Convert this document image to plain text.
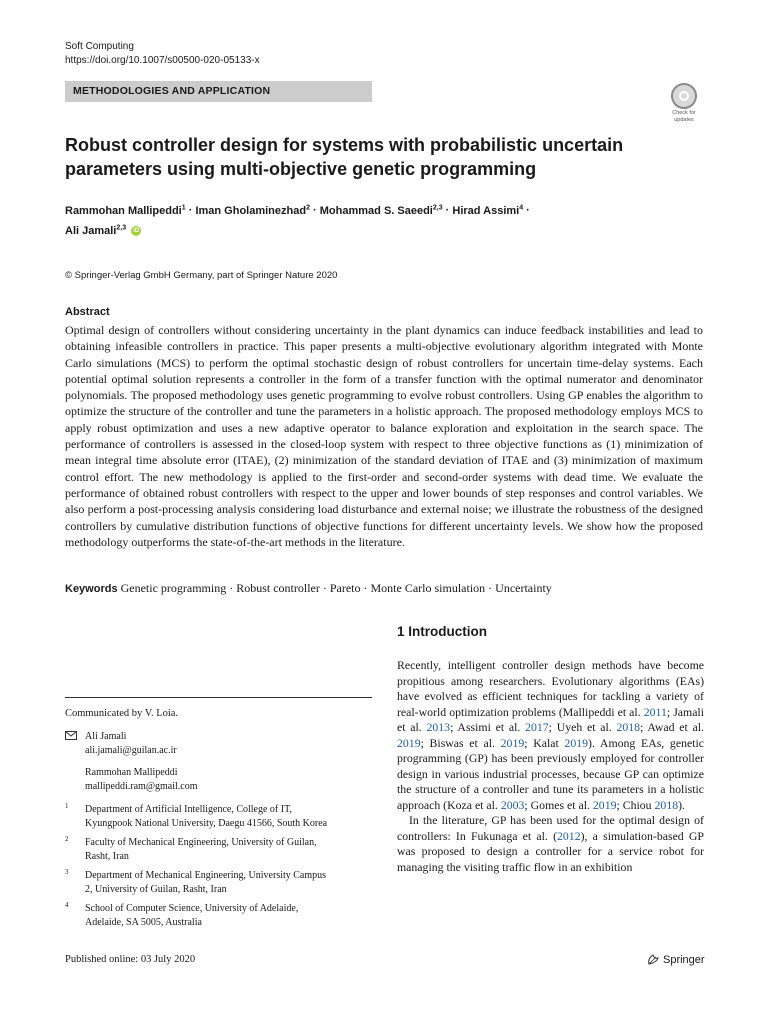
Soft Computing
https://doi.org/10.1007/s00500-020-05133-x
METHODOLOGIES AND APPLICATION
Check for
updates
Robust controller design for systems with probabilistic uncertain
parameters using multi-objective genetic programming
Rammohan Mallipeddi$^1$ · Iman Gholaminezhad$^2$ · Mohammad S. Saeedi$^{2,3}$ · Hirad Assimi$^4$ ·
Ali Jamali$^{2,3}$ iD
© Springer-Verlag GmbH Germany, part of Springer Nature 2020
Abstract
Optimal design of controllers without considering uncertainty in the plant dynamics can induce feedback instabilities and lead to obtaining infeasible controllers in practice. This paper presents a multi-objective evolutionary algorithm integrated with Monte Carlo simulations (MCS) to perform the optimal stochastic design of robust controllers for uncertain time-delay systems. Each potential optimal solution represents a controller in the form of a transfer function with the optimal numerator and denominator polynomials. The proposed methodology uses genetic programming to evolve robust controllers. Using GP enables the algorithm to optimize the structure of the controller and tune the parameters in a holistic approach. The proposed methodology employs MCS to apply robust optimization and uses a new adaptive operator to balance exploration and exploitation in the search space. The performance of controllers is assessed in the closed-loop system with respect to three objective functions as (1) minimization of mean integral time absolute error (ITAE), (2) minimization of the standard deviation of ITAE and (3) minimization of maximum control effort. The new methodology is applied to the first-order and second-order systems with dead time. We evaluate the performance of obtained robust controllers with respect to the upper and lower bounds of step responses and control variables. We also perform a post-processing analysis considering load disturbance and external noise; we illustrate the robustness of the designed controllers by cumulative distribution functions of objective functions for different uncertainty levels. We show how the proposed methodology outperforms the state-of-the-art methods in the literature.
Keywords Genetic programming · Robust controller · Pareto · Monte Carlo simulation · Uncertainty
1 Introduction

Recently, intelligent controller design methods have become propitious among researchers. Evolutionary algorithms (EAs) have evolved as efficient techniques for tackling a variety of real-world optimization problems (Mallipeddi et al. 2011; Jamali et al. 2013; Assimi et al. 2017; Uyeh et al. 2018; Awad et al. 2019; Biswas et al. 2019; Kalat 2019). Among EAs, genetic programming (GP) has been previously employed for controller design in various industrial processes, because GP can optimize the structure of a controller and tune its parameters in a holistic approach (Koza et al. 2003; Gomes et al. 2019; Chiou 2018).

In the literature, GP has been used for the optimal design of controllers: In Fukunaga et al. (2012), a simulation-based GP was proposed to design a controller for a service robot for managing the visiting traffic flow in an exhibition

Communicated by V. Loia.
Ali Jamali
ali.jamali@guilan.ac.ir
Rammohan Mallipeddi
mallipeddi.ram@gmail.com
1 Department of Artificial Intelligence, College of IT,
Kyungpook National University, Daegu 41566, South Korea
2 Faculty of Mechanical Engineering, University of Guilan,
Rasht, Iran
3 Department of Mechanical Engineering, University Campus
2, University of Guilan, Rasht, Iran
4 School of Computer Science, University of Adelaide,
Adelaide, SA 5005, Australia
Published online: 03 July 2020	Springer
